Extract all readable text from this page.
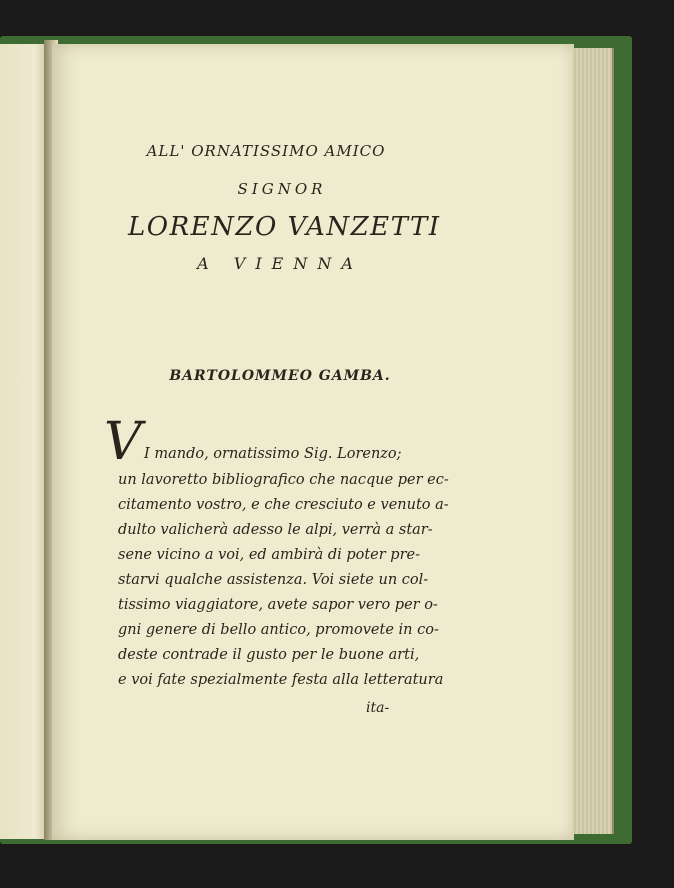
ALL' ORNATISSIMO AMICO
SIGNOR
LORENZO VANZETTI
A VIENNA
BARTOLOMMEO GAMBA.
V I mando, ornatissimo Sig. Lorenzo;
un lavoretto bibliografico che nacque per ec-
citamento vostro, e che cresciuto e venuto a-
dulto valicherà adesso le alpi, verrà a star-
sene vicino a voi, ed ambirà di poter pre-
starvi qualche assistenza. Voi siete un col-
tissimo viaggiatore, avete sapor vero per o-
gni genere di bello antico, promovete in co-
deste contrade il gusto per le buone arti,
e voi fate spezialmente festa alla letteratura
ita-
